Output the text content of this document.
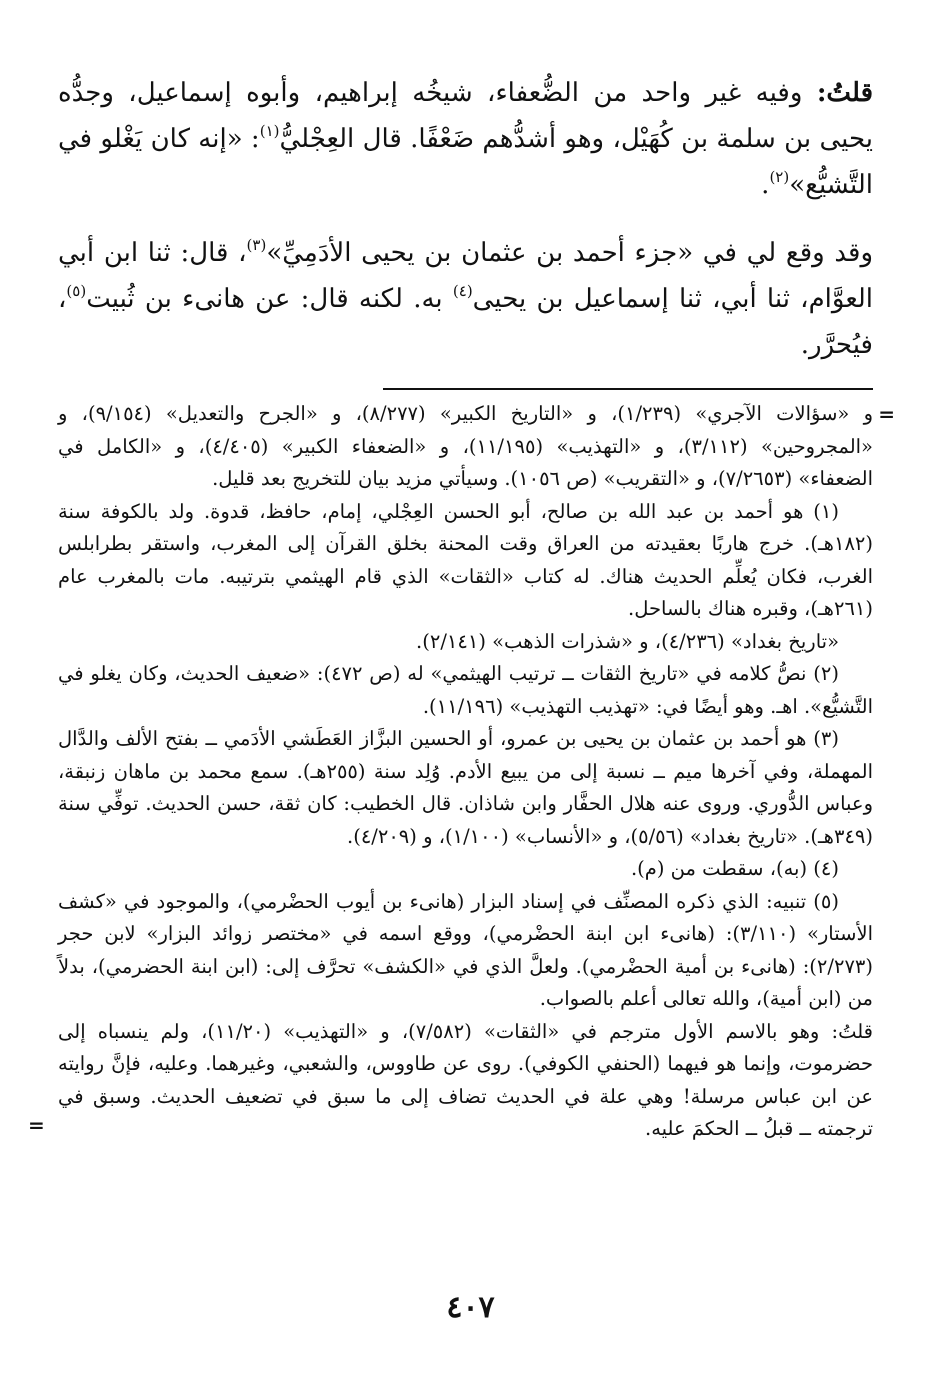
قلتُ: وفيه غير واحد من الضُّعفاء، شيخُه إبراهيم، وأبوه إسماعيل، وجدُّه يحيى بن سلمة بن كُهَيْل، وهو أشدُّهم ضَعْفًا. قال العِجْليُّ$^{(١)}$: «إنه كان يَغْلو في التَّشيُّع»$^{(٢)}$.

وقد وقع لي في «جزء أحمد بن عثمان بن يحيى الأدَمِيِّ»$^{(٣)}$، قال: ثنا ابن أبي العوَّام، ثنا أبي، ثنا إسماعيل بن يحيى$^{(٤)}$ به. لكنه قال: عن هانىء بن ثُبيت$^{(٥)}$، فيُحرَّر.

=
و «سؤالات الآجري» (١/٢٣٩)، و «التاريخ الكبير» (٨/٢٧٧)، و «الجرح والتعديل» (٩/١٥٤)، و «المجروحين» (٣/١١٢)، و «التهذيب» (١١/١٩٥)، و «الضعفاء الكبير» (٤/٤٠٥)، و «الكامل في الضعفاء» (٧/٢٦٥٣)، و «التقريب» (ص ١٠٥٦). وسيأتي مزيد بيان للتخريج بعد قليل.

(١) هو أحمد بن عبد الله بن صالح، أبو الحسن العِجْلي، إمام، حافظ، قدوة. ولد بالكوفة سنة (١٨٢هـ). خرج هاربًا بعقيدته من العراق وقت المحنة بخلق القرآن إلى المغرب، واستقر بطرابلس الغرب، فكان يُعلِّم الحديث هناك. له كتاب «الثقات» الذي قام الهيثمي بترتيبه. مات بالمغرب عام (٢٦١هـ)، وقبره هناك بالساحل.

«تاريخ بغداد» (٤/٢٣٦)، و «شذرات الذهب» (٢/١٤١).

(٢) نصُّ كلامه في «تاريخ الثقات ــ ترتيب الهيثمي» له (ص ٤٧٢): «ضعيف الحديث، وكان يغلو في التَّشيُّع». اهـ. وهو أيضًا في: «تهذيب التهذيب» (١١/١٩٦).

(٣) هو أحمد بن عثمان بن يحيى بن عمرو، أو الحسين البزَّاز العَطَشي الأدَمي ــ بفتح الألف والدَّال المهملة، وفي آخرها ميم ــ نسبة إلى من يبيع الأدم. وُلِد سنة (٢٥٥هـ). سمع محمد بن ماهان زنبقة، وعباس الدُّوري. وروى عنه هلال الحفَّار وابن شاذان. قال الخطيب: كان ثقة، حسن الحديث. توفِّي سنة (٣٤٩هـ). «تاريخ بغداد» (٥/٥٦)، و «الأنساب» (١/١٠٠)، و (٤/٢٠٩).

(٤) (به)، سقطت من (م).

(٥) تنبيه: الذي ذكره المصنِّف في إسناد البزار (هانىء بن أيوب الحضْرمي)، والموجود في «كشف الأستار» (٣/١١٠): (هانىء ابن ابنة الحضْرمي)، ووقع اسمه في «مختصر زوائد البزار» لابن حجر (٢/٢٧٣): (هانىء بن أمية الحضْرمي). ولعلَّ الذي في «الكشف» تحرَّف إلى: (ابن ابنة الحضرمي)، بدلاً من (ابن أمية)، والله تعالى أعلم بالصواب.

قلتُ: وهو بالاسم الأول مترجم في «الثقات» (٧/٥٨٢)، و «التهذيب» (١١/٢٠)، ولم ينسباه إلى حضرموت، وإنما هو فيهما (الحنفي الكوفي). روى عن طاووس، والشعبي، وغيرهما. وعليه، فإنَّ روايته عن ابن عباس مرسلة! وهي علة في الحديث تضاف إلى ما سبق في تضعيف الحديث. وسبق في ترجمته ــ قبلُ ــ الحكمَ عليه.
=

٤٠٧
